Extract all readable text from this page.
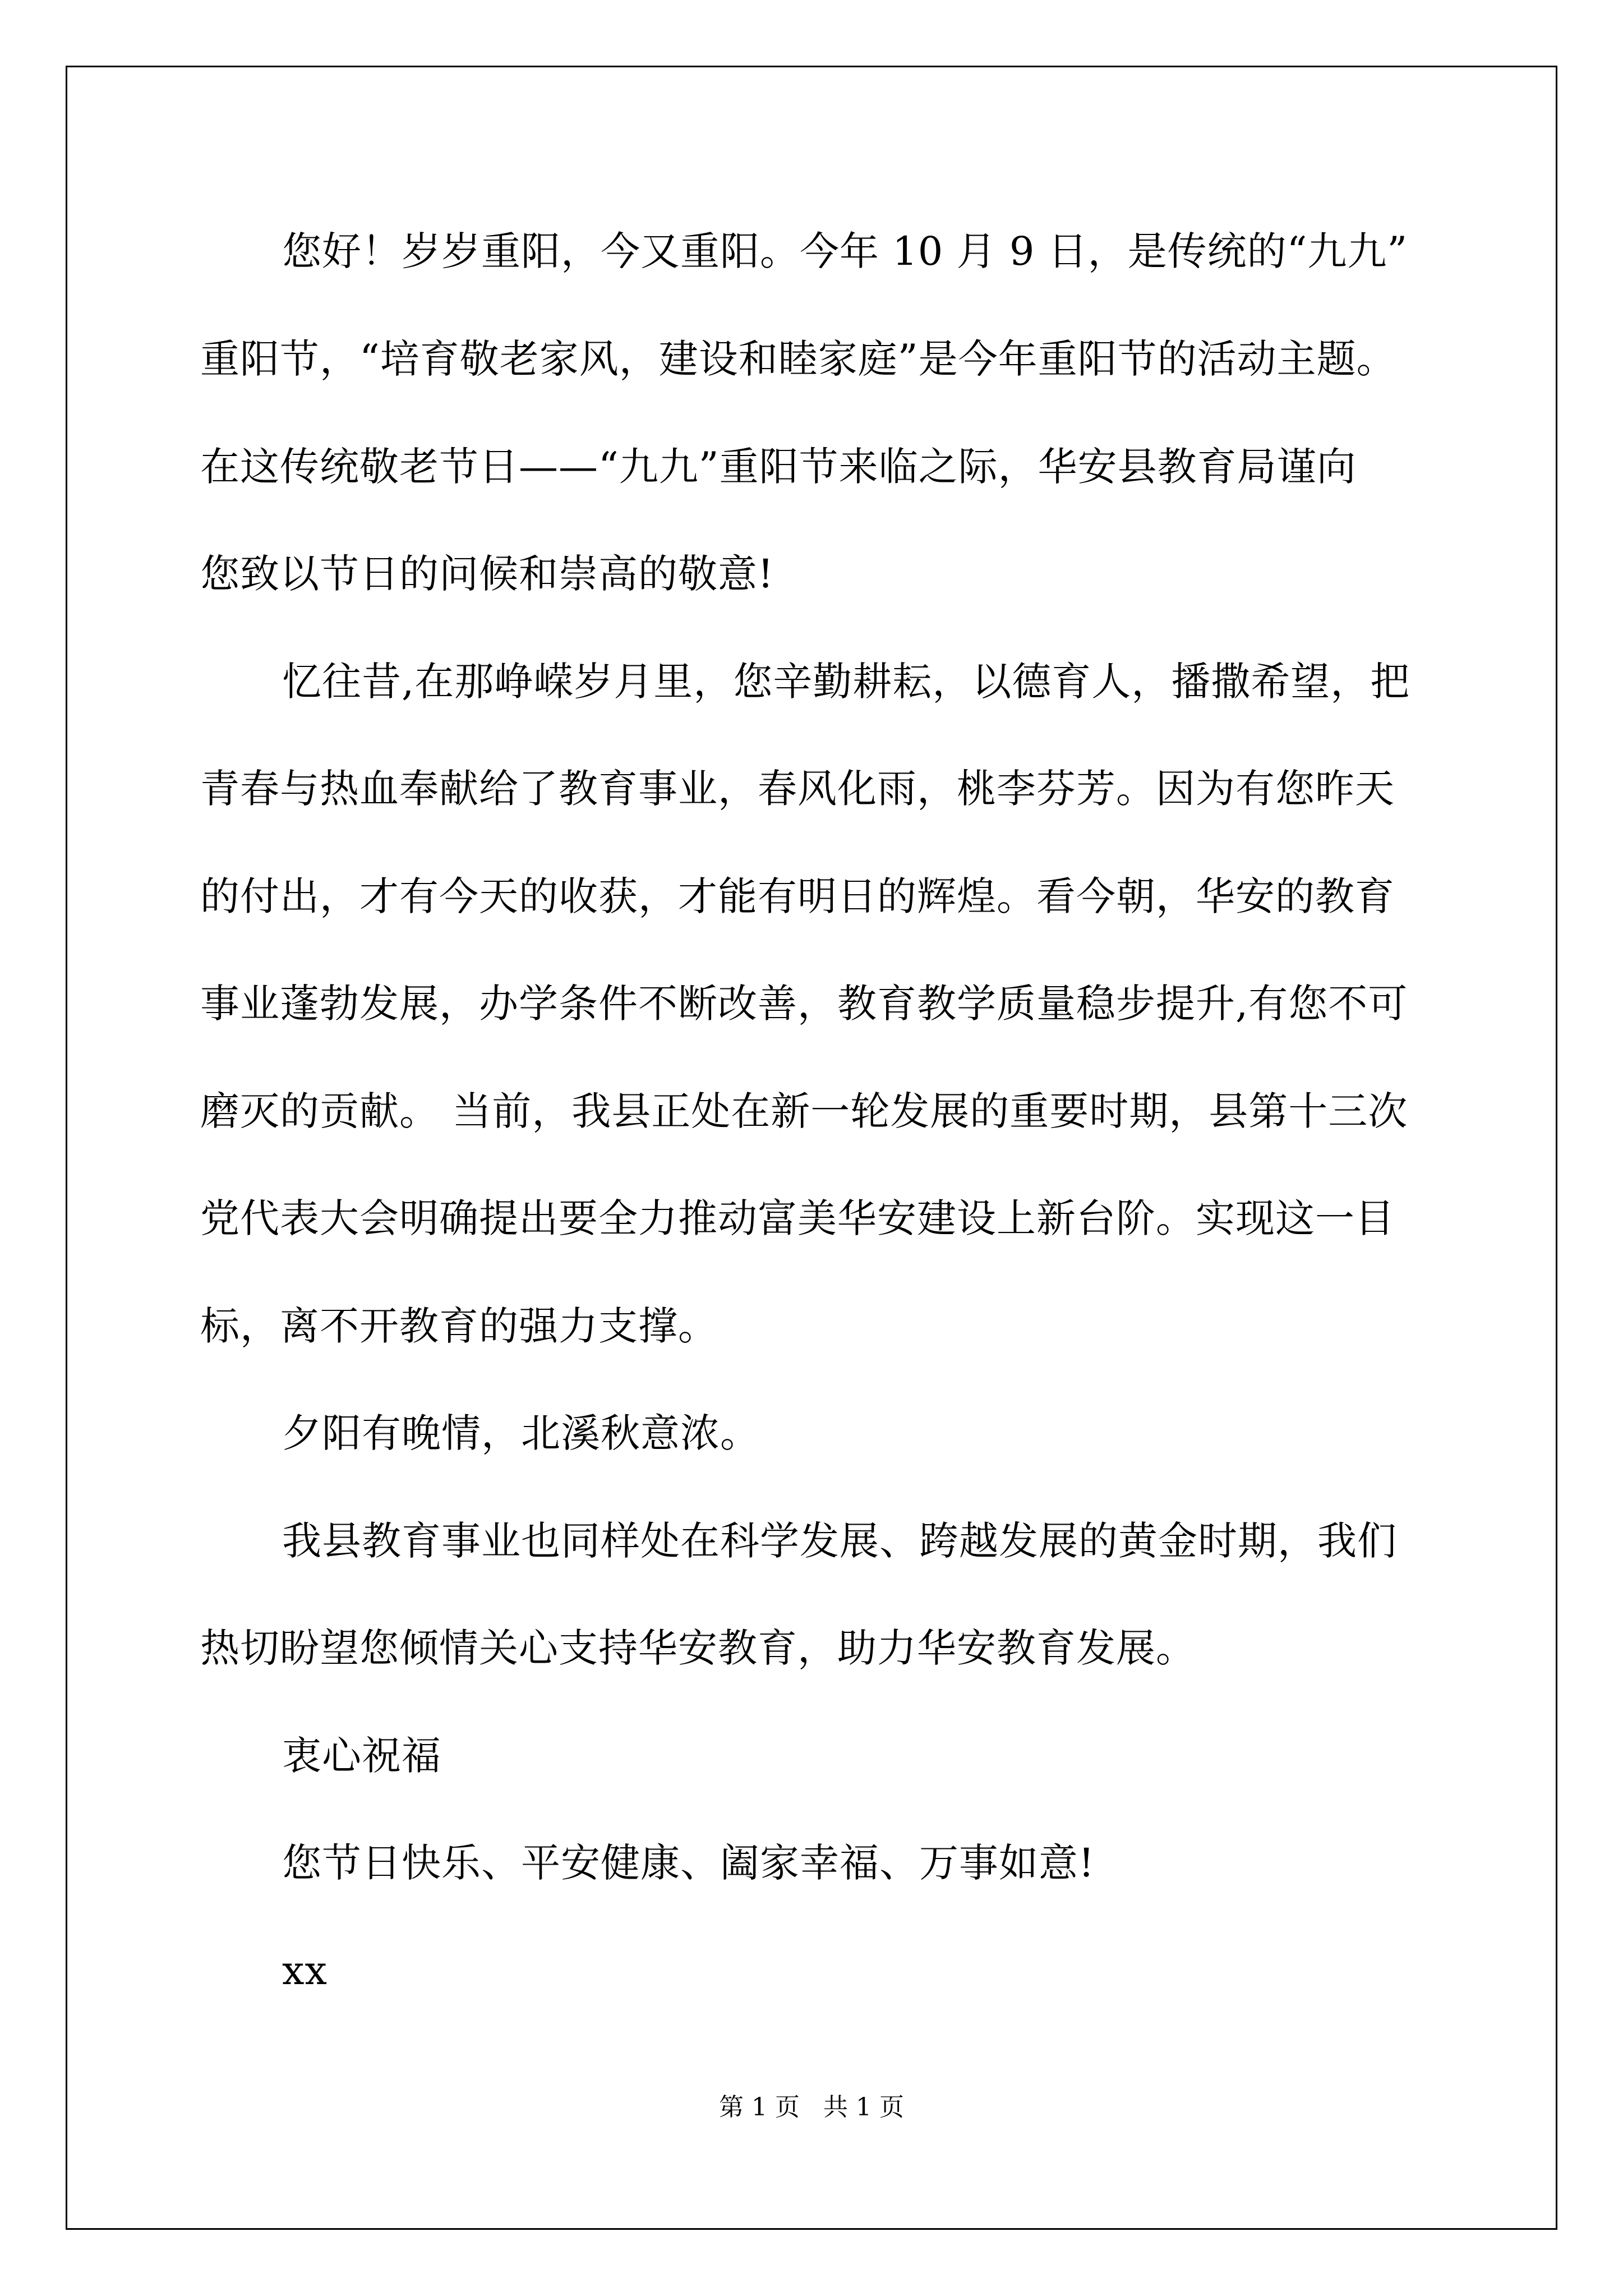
您好！岁岁重阳，今又重阳。今年 10 月 9 日，是传统的“九九”
重阳节，“培育敬老家风，建设和睦家庭”是今年重阳节的活动主题。
在这传统敬老节日——“九九”重阳节来临之际，华安县教育局谨向
您致以节日的问候和崇高的敬意!
忆往昔,在那峥嵘岁月里，您辛勤耕耘，以德育人，播撒希望，把
青春与热血奉献给了教育事业，春风化雨，桃李芬芳。因为有您昨天
的付出，才有今天的收获，才能有明日的辉煌。看今朝，华安的教育
事业蓬勃发展，办学条件不断改善，教育教学质量稳步提升,有您不可
磨灭的贡献。 当前，我县正处在新一轮发展的重要时期，县第十三次
党代表大会明确提出要全力推动富美华安建设上新台阶。实现这一目
标，离不开教育的强力支撑。
夕阳有晚情，北溪秋意浓。
我县教育事业也同样处在科学发展、跨越发展的黄金时期，我们
热切盼望您倾情关心支持华安教育，助力华安教育发展。
衷心祝福
您节日快乐、平安健康、阖家幸福、万事如意!
xx
第 1 页   共 1 页
